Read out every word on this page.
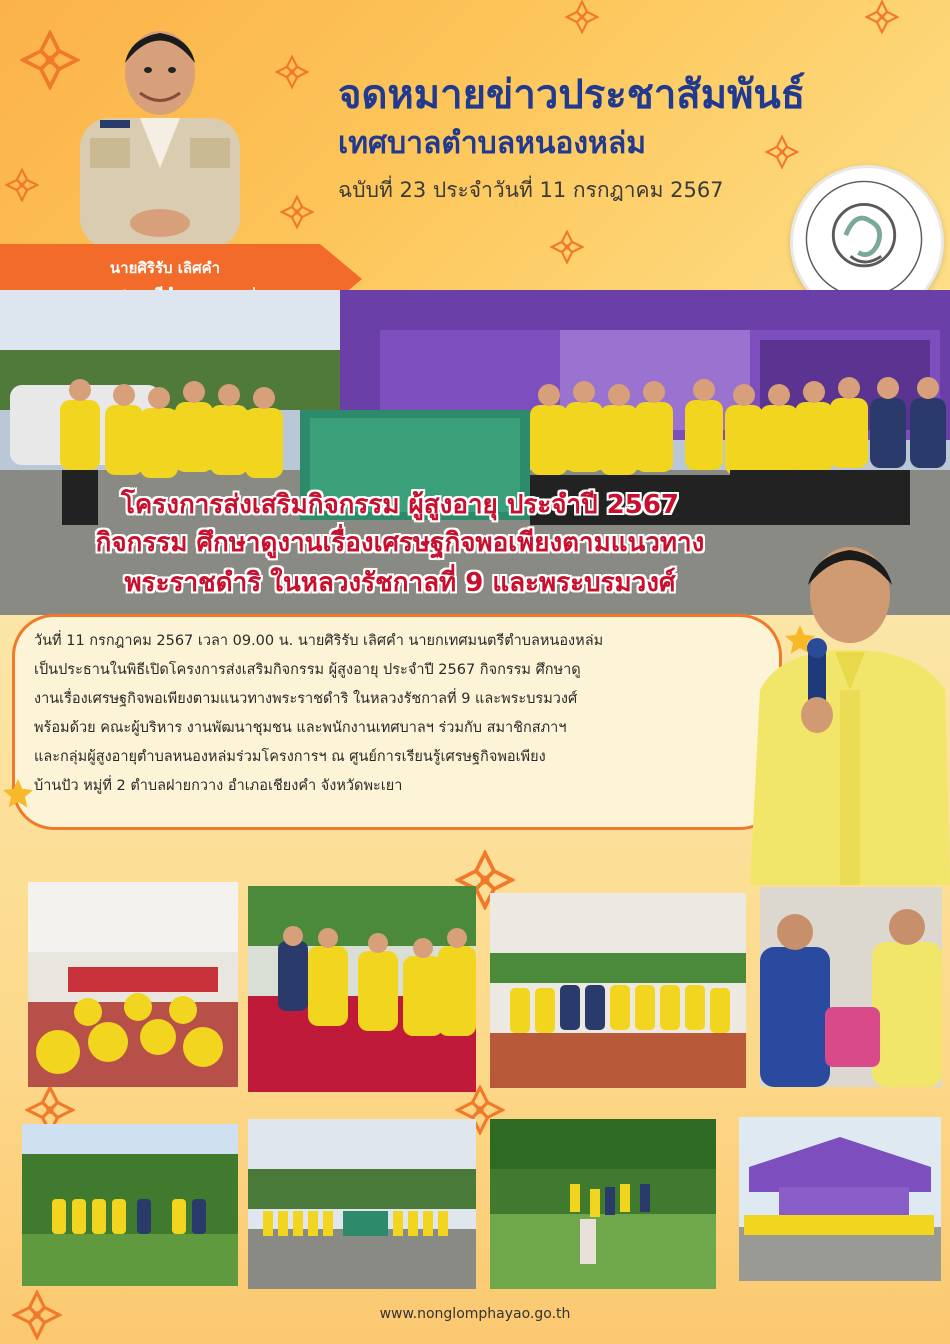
จดหมายข่าวประชาสัมพันธ์
เทศบาลตำบลหนองหล่ม
ฉบับที่ 23 ประจำวันที่ 11 กรกฎาคม 2567
นายศิริรับ เลิศคำ
โครงการส่งเสริมกิจกรรม ผู้สูงอายุ ประจำปี 2567
กิจกรรม ศึกษาดูงานเรื่องเศรษฐกิจพอเพียงตามแนวทาง
พระราชดำริ ในหลวงรัชกาลที่ 9 และพระบรมวงศ์
วันที่ 11 กรกฎาคม 2567 เวลา 09.00 น. นายศิริรับ เลิศคำ นายกเทศมนตรีตำบลหนองหล่ม
เป็นประธานในพิธีเปิดโครงการส่งเสริมกิจกรรม ผู้สูงอายุ ประจำปี 2567 กิจกรรม ศึกษาดู
งานเรื่องเศรษฐกิจพอเพียงตามแนวทางพระราชดำริ ในหลวงรัชกาลที่ 9 และพระบรมวงศ์
พร้อมด้วย คณะผู้บริหาร งานพัฒนาชุมชน และพนักงานเทศบาลฯ ร่วมกับ สมาชิกสภาฯ
และกลุ่มผู้สูงอายุตำบลหนองหล่มร่วมโครงการฯ ณ ศูนย์การเรียนรู้เศรษฐกิจพอเพียง
บ้านปัว หมู่ที่ 2 ตำบลฝายกวาง อำเภอเชียงคำ จังหวัดพะเยา
www.nonglomphayao.go.th
